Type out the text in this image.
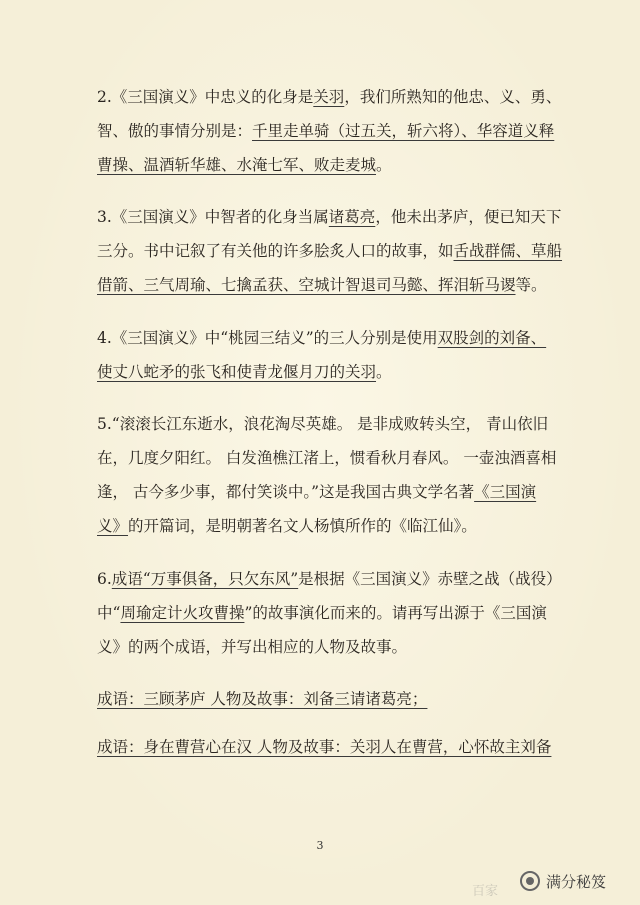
2.《三国演义》中忠义的化身是关羽，我们所熟知的他忠、义、勇、
智、傲的事情分别是：千里走单骑（过五关，斩六将）、华容道义释
曹操、温酒斩华雄、水淹七军、败走麦城。
3.《三国演义》中智者的化身当属诸葛亮，他未出茅庐，便已知天下
三分。书中记叙了有关他的许多脍炙人口的故事，如舌战群儒、草船
借箭、三气周瑜、七擒孟获、空城计智退司马懿、挥泪斩马谡等。
4.《三国演义》中“桃园三结义”的三人分别是使用双股剑的刘备、
使丈八蛇矛的张飞和使青龙偃月刀的关羽。
5.“滚滚长江东逝水，浪花淘尽英雄。 是非成败转头空， 青山依旧
在，几度夕阳红。 白发渔樵江渚上，惯看秋月春风。 一壶浊酒喜相
逢， 古今多少事，都付笑谈中。”这是我国古典文学名著《三国演
义》的开篇词，是明朝著名文人杨慎所作的《临江仙》。
6.成语“万事俱备，只欠东风”是根据《三国演义》赤壁之战（战役）
中“周瑜定计火攻曹操”的故事演化而来的。请再写出源于《三国演
义》的两个成语，并写出相应的人物及故事。
成语：三顾茅庐 人物及故事：刘备三请诸葛亮；
成语：身在曹营心在汉 人物及故事：关羽人在曹营，心怀故主刘备
3
百家
满分秘笈
